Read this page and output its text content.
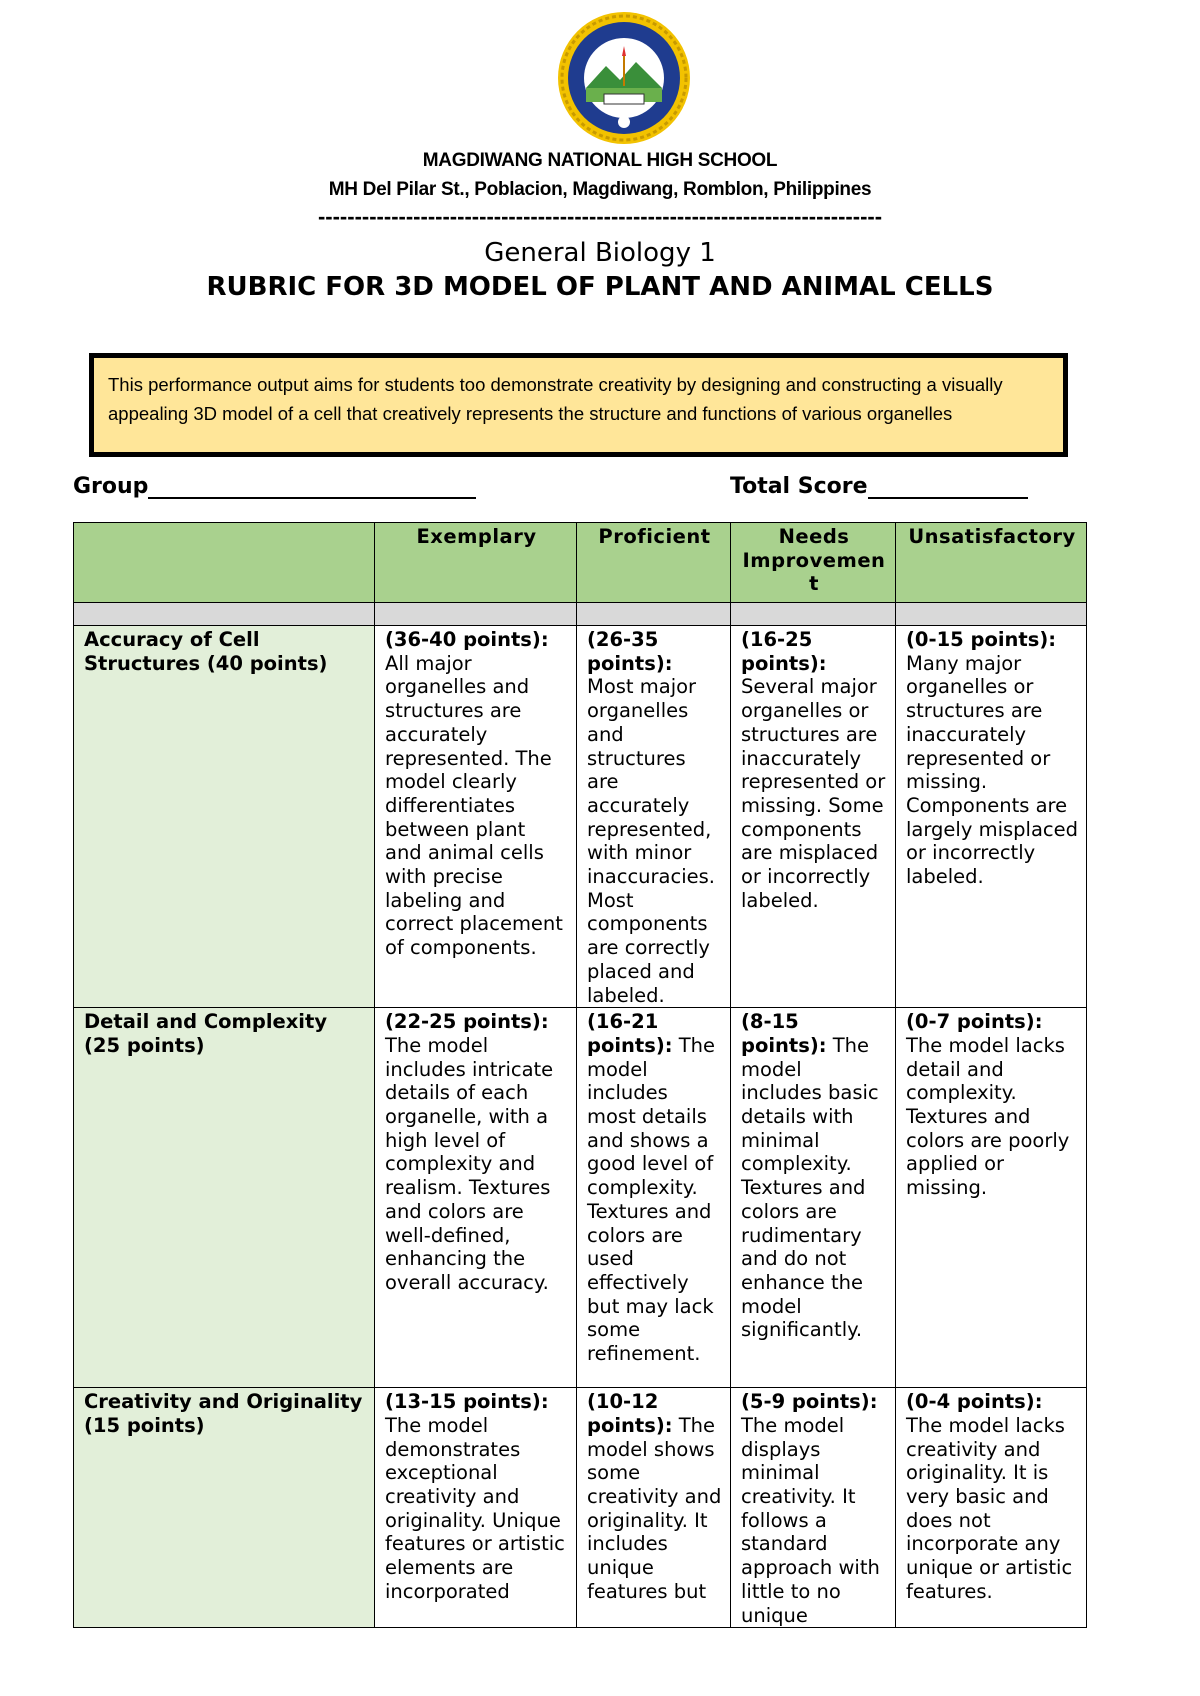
MAGDIWANG NATIONAL HIGH SCHOOL
MH Del Pilar St., Poblacion, Magdiwang, Romblon, Philippines
-----------------------------------------------------------------------------
General Biology 1
RUBRIC FOR 3D MODEL OF PLANT AND ANIMAL CELLS
This performance output aims for students too demonstrate creativity by designing and constructing a visually appealing 3D model of a cell that creatively represents the structure and functions of various organelles
Group	Total Score
	Exemplary	Proficient	Needs Improvement	Unsatisfactory

Accuracy of Cell Structures (40 points)	(36-40 points): All major organelles and structures are accurately represented. The model clearly differentiates between plant and animal cells with precise labeling and correct placement of components.	(26-35 points): Most major organelles and structures are accurately represented, with minor inaccuracies. Most components are correctly placed and labeled.	(16-25 points): Several major organelles or structures are inaccurately represented or missing. Some components are misplaced or incorrectly labeled.	(0-15 points): Many major organelles or structures are inaccurately represented or missing. Components are largely misplaced or incorrectly labeled.
Detail and Complexity (25 points)	(22-25 points): The model includes intricate details of each organelle, with a high level of complexity and realism. Textures and colors are well-defined, enhancing the overall accuracy.	(16-21 points): The model includes most details and shows a good level of complexity. Textures and colors are used effectively but may lack some refinement.	(8-15 points): The model includes basic details with minimal complexity. Textures and colors are rudimentary and do not enhance the model significantly.	(0-7 points): The model lacks detail and complexity. Textures and colors are poorly applied or missing.
Creativity and Originality (15 points)	(13-15 points): The model demonstrates exceptional creativity and originality. Unique features or artistic elements are incorporated	(10-12 points): The model shows some creativity and originality. It includes unique features but	(5-9 points): The model displays minimal creativity. It follows a standard approach with little to no unique	(0-4 points): The model lacks creativity and originality. It is very basic and does not incorporate any unique or artistic features.
